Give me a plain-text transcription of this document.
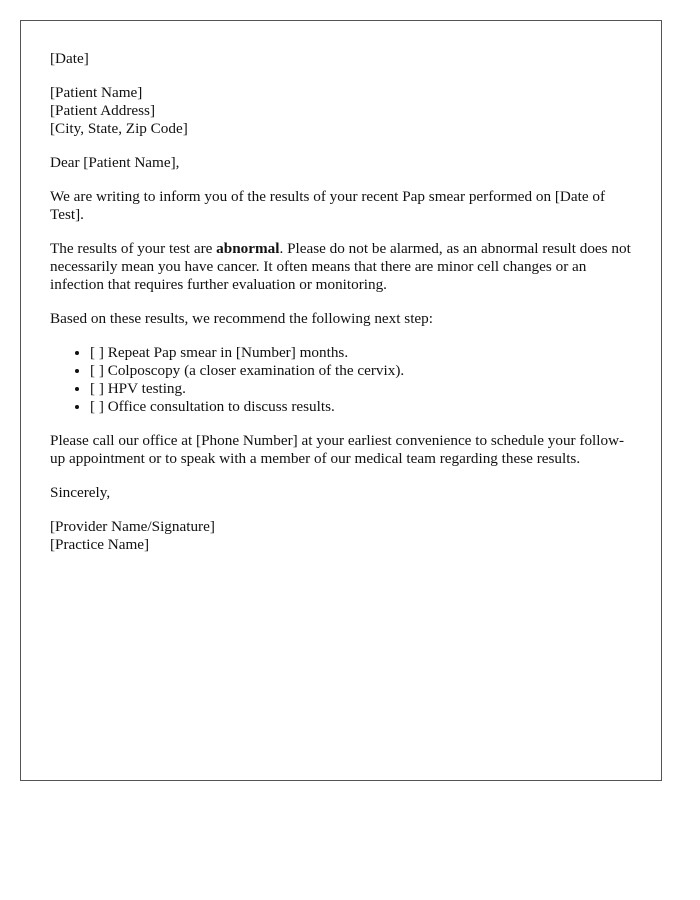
[Date]

[Patient Name]
[Patient Address]
[City, State, Zip Code]

Dear [Patient Name],

We are writing to inform you of the results of your recent Pap smear performed on [Date of Test].

The results of your test are abnormal. Please do not be alarmed, as an abnormal result does not necessarily mean you have cancer. It often means that there are minor cell changes or an infection that requires further evaluation or monitoring.

Based on these results, we recommend the following next step:

• [ ] Repeat Pap smear in [Number] months.
• [ ] Colposcopy (a closer examination of the cervix).
• [ ] HPV testing.
• [ ] Office consultation to discuss results.

Please call our office at [Phone Number] at your earliest convenience to schedule your follow-up appointment or to speak with a member of our medical team regarding these results.

Sincerely,

[Provider Name/Signature]
[Practice Name]
